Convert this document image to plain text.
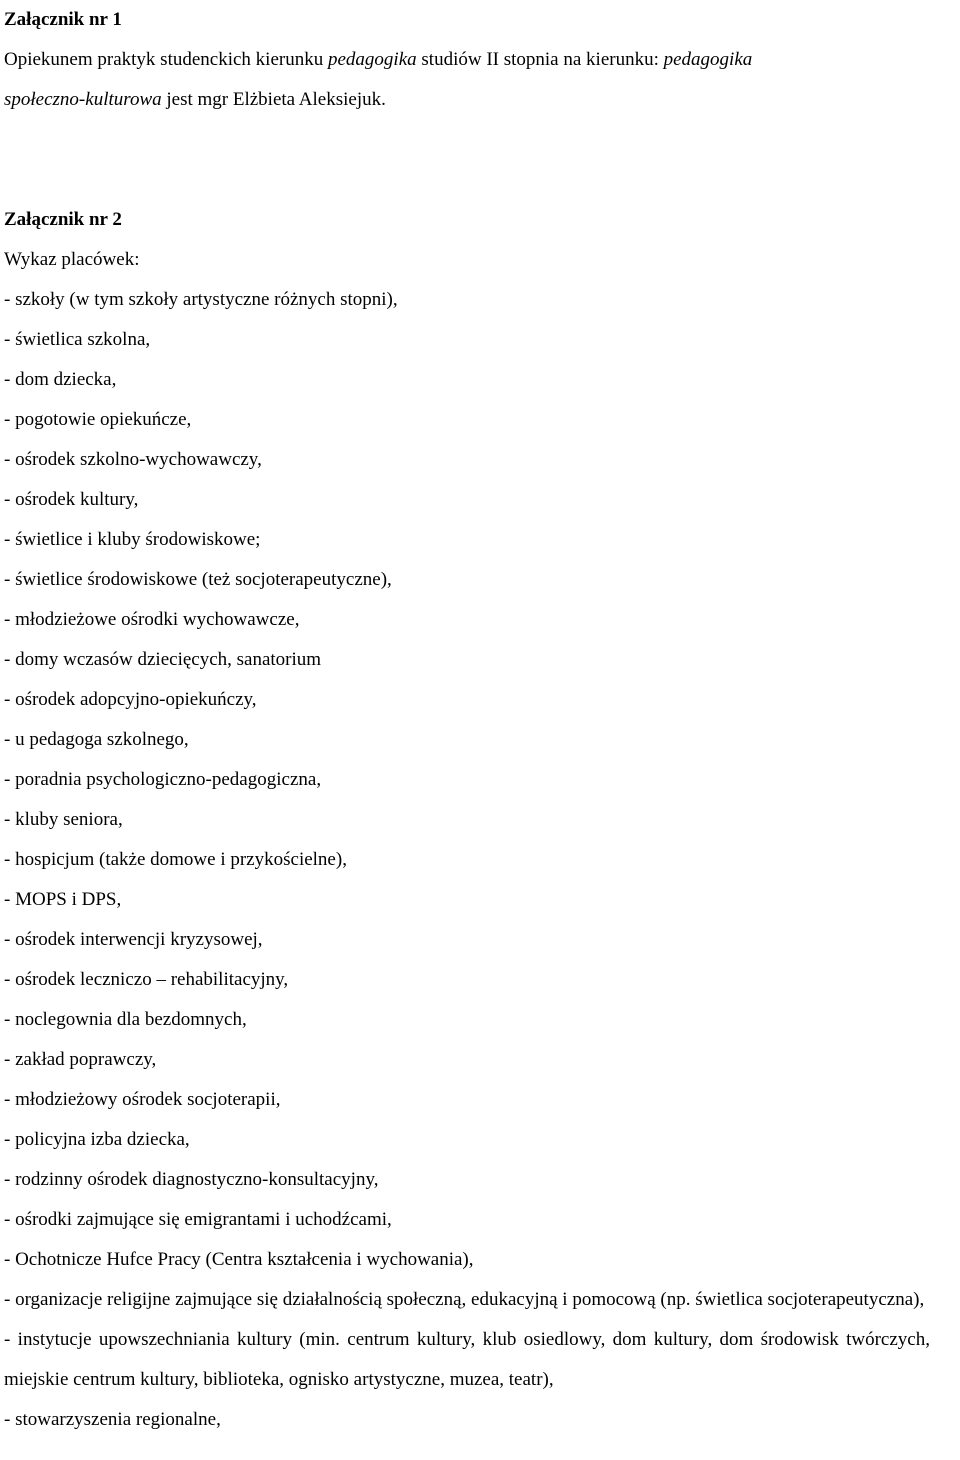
Załącznik nr 1
Opiekunem praktyk studenckich kierunku pedagogika studiów II stopnia na kierunku: pedagogika
społeczno-kulturowa jest mgr Elżbieta Aleksiejuk.
Załącznik nr 2
Wykaz placówek:
- szkoły (w tym szkoły artystyczne różnych stopni),
- świetlica szkolna,
- dom dziecka,
- pogotowie opiekuńcze,
- ośrodek szkolno-wychowawczy,
- ośrodek kultury,
- świetlice i kluby środowiskowe;
- świetlice środowiskowe (też socjoterapeutyczne),
- młodzieżowe ośrodki wychowawcze,
- domy wczasów dziecięcych, sanatorium
- ośrodek adopcyjno-opiekuńczy,
- u pedagoga szkolnego,
- poradnia psychologiczno-pedagogiczna,
- kluby seniora,
- hospicjum (także domowe i przykościelne),
- MOPS i DPS,
- ośrodek interwencji kryzysowej,
- ośrodek leczniczo – rehabilitacyjny,
- noclegownia dla bezdomnych,
- zakład poprawczy,
- młodzieżowy ośrodek socjoterapii,
- policyjna izba dziecka,
- rodzinny ośrodek diagnostyczno-konsultacyjny,
- ośrodki zajmujące się emigrantami i uchodźcami,
- Ochotnicze Hufce Pracy (Centra kształcenia i wychowania),
- organizacje religijne zajmujące się działalnością społeczną, edukacyjną i pomocową (np. świetlica socjoterapeutyczna),
- instytucje upowszechniania kultury (min. centrum kultury, klub osiedlowy, dom kultury, dom środowisk twórczych, miejskie centrum kultury, biblioteka, ognisko artystyczne, muzea, teatr),
- stowarzyszenia regionalne,
